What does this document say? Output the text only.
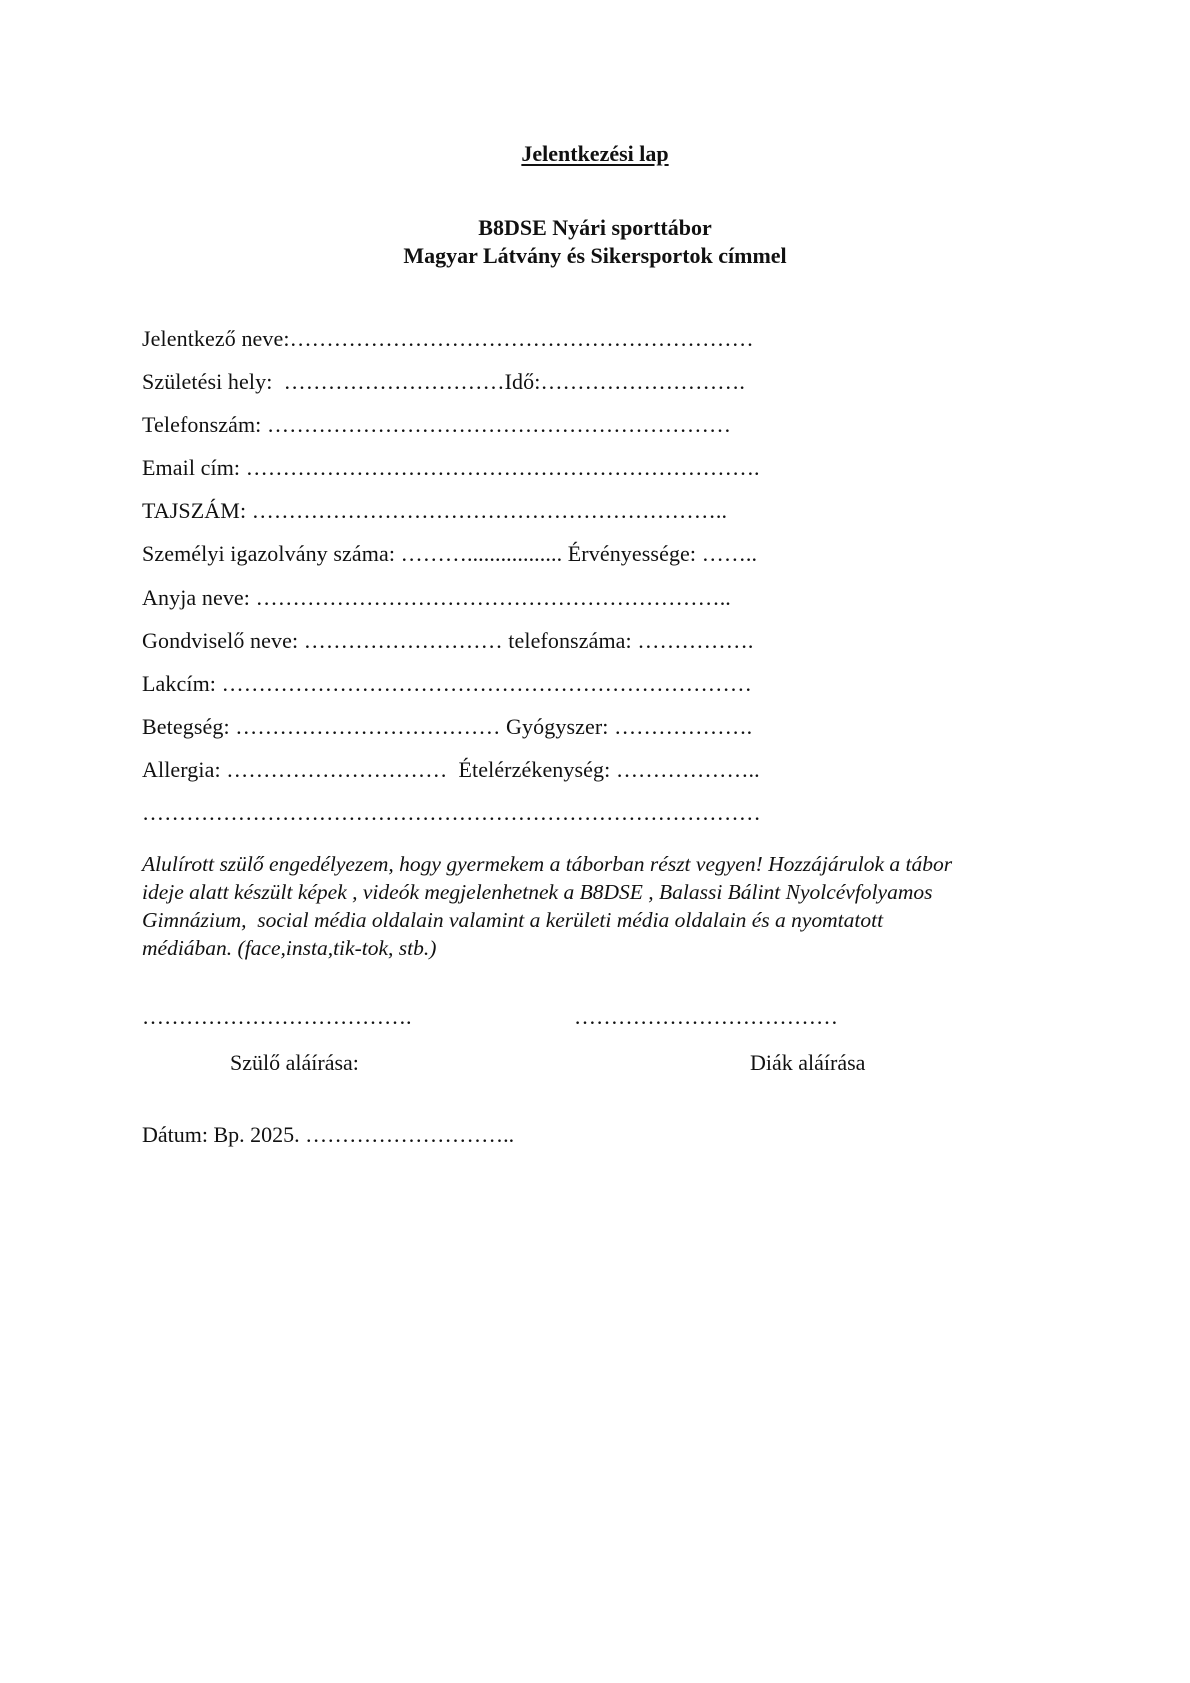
Jelentkezési lap
B8DSE Nyári sporttábor
Magyar Látvány és Sikersportok címmel
Jelentkező neve:………………………………………………………
Születési hely:  …………………………Idő:……………………….
Telefonszám: ………………………………………………………
Email cím: …………………………………………………………….
TAJSZÁM: ………………………………………………………..
Személyi igazolvány száma: ………................. Érvényessége: ……..
Anyja neve: ………………………………………………………..
Gondviselő neve: ……………………… telefonszáma: …………….
Lakcím: ………………………………………………………………
Betegség: ……………………………… Gyógyszer: ……………….
Allergia: …………………………  Ételérzékenység: ………………..
…………………………………………………………………………
Alulírott szülő engedélyezem, hogy gyermekem a táborban részt vegyen! Hozzájárulok a tábor
ideje alatt készült képek , videók megjelenhetnek a B8DSE , Balassi Bálint Nyolcévfolyamos
Gimnázium,  social média oldalain valamint a kerületi média oldalain és a nyomtatott
médiában. (face,insta,tik-tok, stb.)
……………………………….	………………………………
Szülő aláírása:	Diák aláírása
Dátum: Bp. 2025. ………………………..
